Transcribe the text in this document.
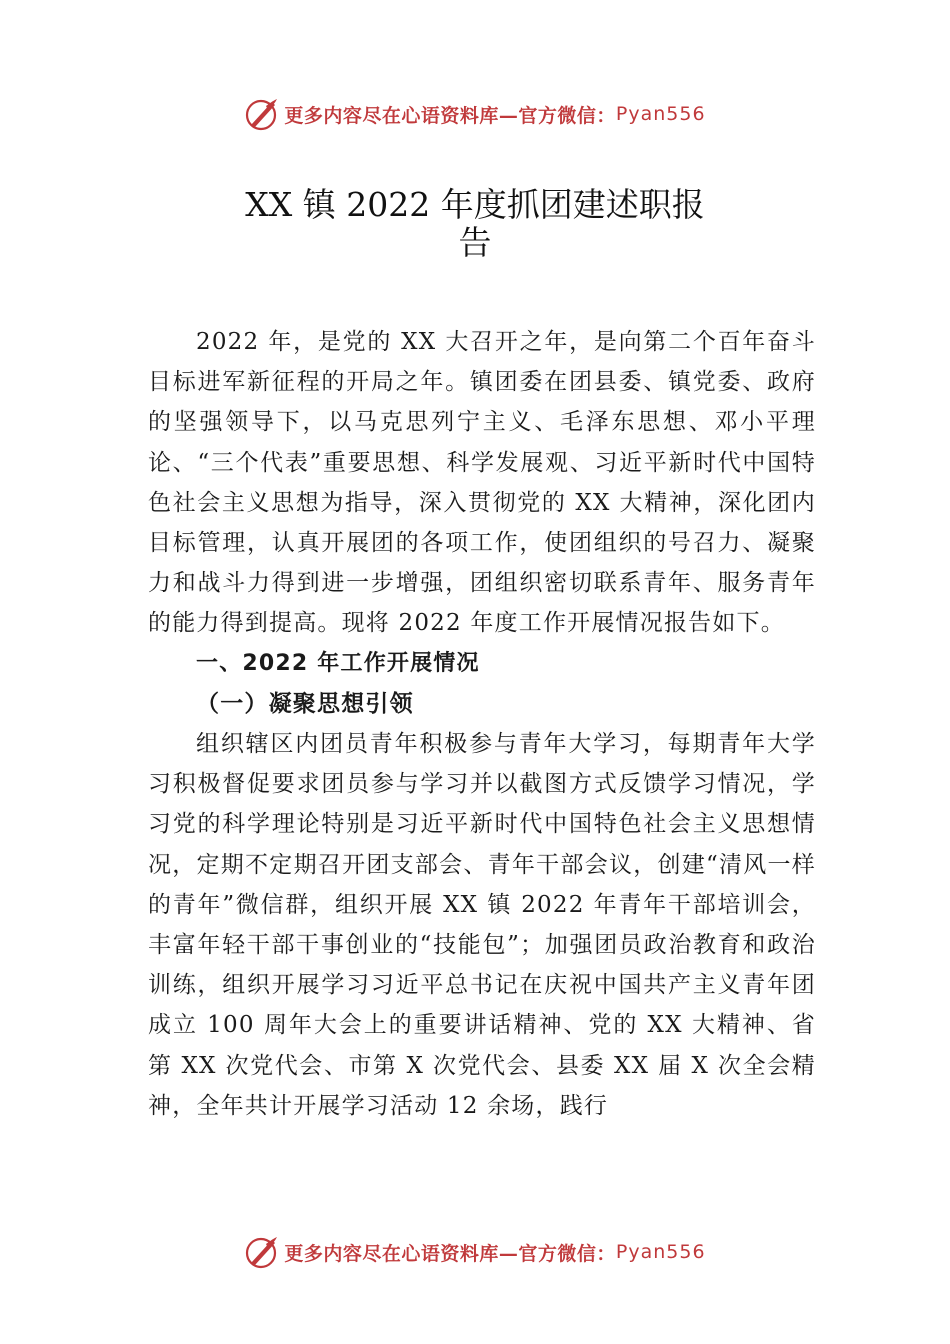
更多内容尽在心语资料库—官方微信： Pyan556
XX 镇 2022 年度抓团建述职报
告

2022 年，是党的 XX 大召开之年，是向第二个百年奋斗目标进军新征程的开局之年。镇团委在团县委、镇党委、政府的坚强领导下，以马克思列宁主义、毛泽东思想、邓小平理论、“三个代表”重要思想、科学发展观、习近平新时代中国特色社会主义思想为指导，深入贯彻党的 XX 大精神，深化团内目标管理，认真开展团的各项工作，使团组织的号召力、凝聚力和战斗力得到进一步增强，团组织密切联系青年、服务青年的能力得到提高。现将 2022 年度工作开展情况报告如下。

一、2022 年工作开展情况

（一）凝聚思想引领

组织辖区内团员青年积极参与青年大学习，每期青年大学习积极督促要求团员参与学习并以截图方式反馈学习情况，学习党的科学理论特别是习近平新时代中国特色社会主义思想情况，定期不定期召开团支部会、青年干部会议，创建“清风一样的青年”微信群，组织开展 XX 镇 2022 年青年干部培训会，丰富年轻干部干事创业的“技能包”；加强团员政治教育和政治训练，组织开展学习习近平总书记在庆祝中国共产主义青年团成立 100 周年大会上的重要讲话精神、党的 XX 大精神、省第 XX 次党代会、市第 X 次党代会、县委 XX 届 X 次全会精神，全年共计开展学习活动 12 余场，践行

更多内容尽在心语资料库—官方微信： Pyan556
